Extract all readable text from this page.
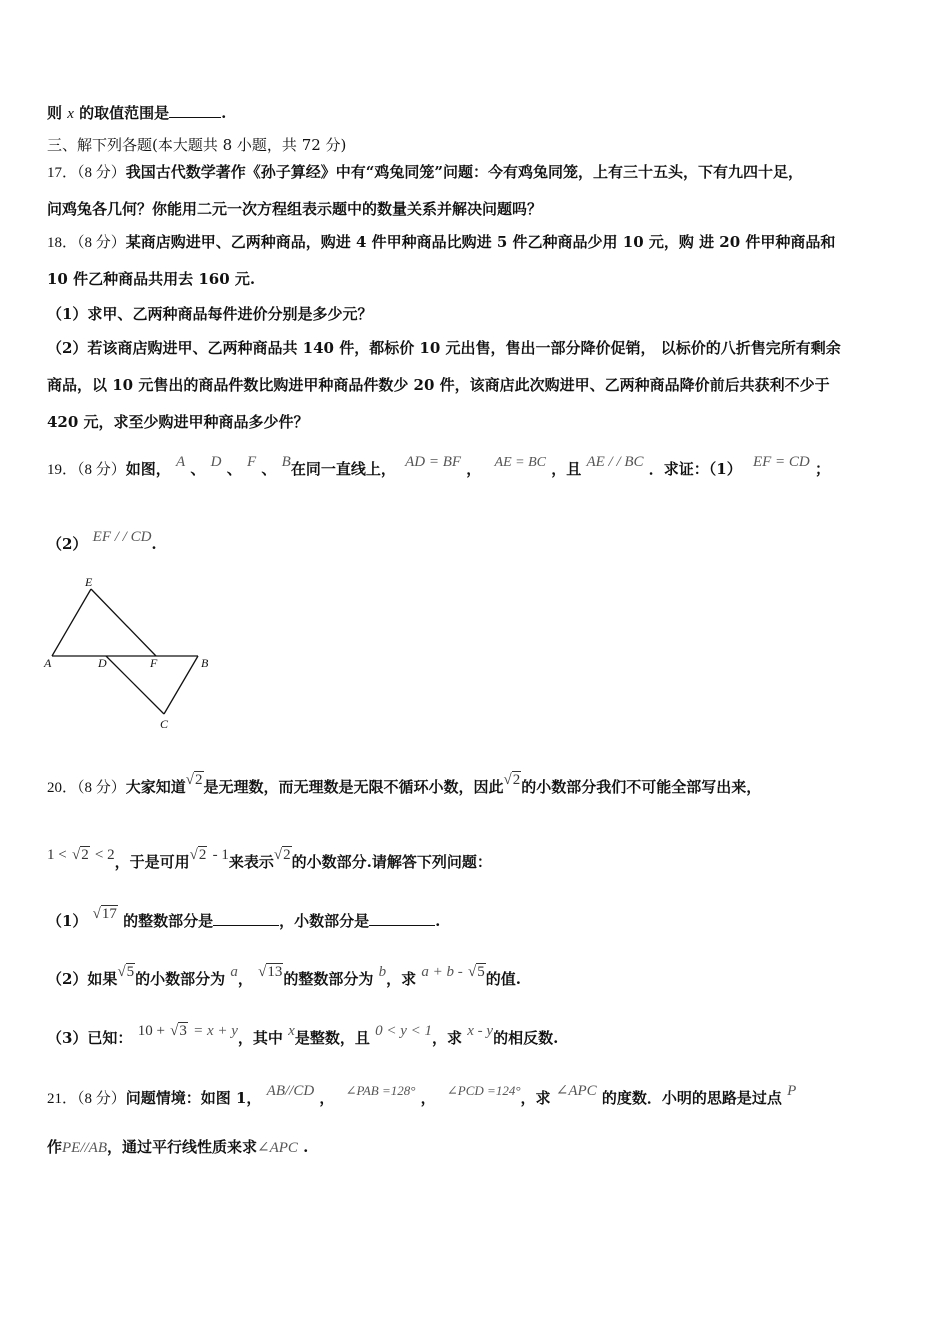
则 x 的取值范围是	.
三、解下列各题(本大题共 8 小题，共 72 分)
17．（8 分）我国古代数学著作《孙子算经》中有“鸡兔同笼”问题：今有鸡兔同笼，上有三十五头，下有九四十足，
问鸡兔各几何？你能用二元一次方程组表示题中的数量关系并解决问题吗？
18．（8 分）某商店购进甲、乙两种商品，购进 4 件甲种商品比购进 5 件乙种商品少用 10 元，购 进 20 件甲种商品和
10 件乙种商品共用去 160 元.
（1）求甲、乙两种商品每件进价分别是多少元？
（2）若该商店购进甲、乙两种商品共 140 件，都标价 10 元出售，售出一部分降价促销， 以标价的八折售完所有剩余
商品，以 10 元售出的商品件数比购进甲种商品件数少 20 件，该商店此次购进甲、乙两种商品降价前后共获利不少于
420 元，求至少购进甲种商品多少件？
19．（8 分）如图， A 、 D 、 F 、 B在同一直线上， AD = BF ， AE = BC ，且 AE / / BC ．求证：（1） EF = CD ；
（2） EF / / CD.
E
A	D	F	B
C
20．（8 分）大家知道√2是无理数，而无理数是无限不循环小数，因此√2的小数部分我们不可能全部写出来，
1 < √2 < 2，于是可用√2 - 1来表示√2的小数部分.请解答下列问题：
（1） √17 的整数部分是	，小数部分是	.
（2）如果√5的小数部分为 a， √13的整数部分为 b，求 a + b - √5的值.
（3）已知： 10 + √3 = x + y，其中 x是整数，且 0 < y < 1，求 x - y的相反数.
21．（8 分）问题情境：如图 1， AB//CD ， ∠PAB =128° ， ∠PCD =124°，求 ∠APC 的度数．小明的思路是过点 P
作PE//AB，通过平行线性质来求∠APC .
